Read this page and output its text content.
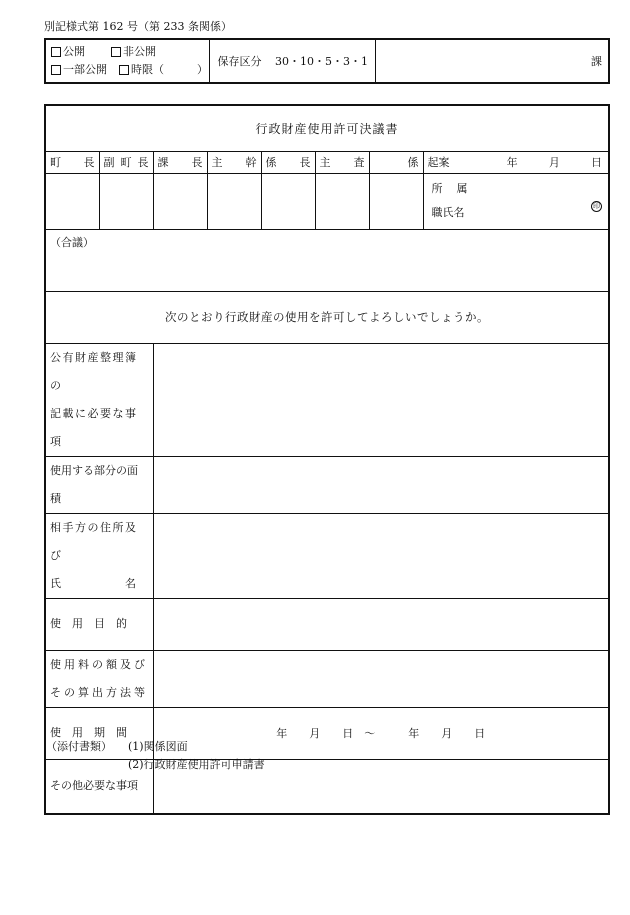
別記様式第 162 号（第 233 条関係）
公開	非公開
一部公開 時限（　　　）
	保存区分 30・10・5・3・1	課
行政財産使用許可決議書							

町 長	副 町 長	課 長	主 幹	係 長	主 査	係	起案 年 月 日

							所 属
職氏名 印

（合議）							
次のとおり行政財産の使用を許可してよろしいでしょうか。							

公有財産整理簿の
記載に必要な事項							

使用する部分の面積							

相手方の住所及び
氏　　　　　名							

使　用　目　的							

使用料の額及び
その算出方法等							

使　用　期　間		年　　月　　日　～　　　年　　月　　日					
その他必要な事項							
（添付書類）	(1)関係図面
(2)行政財産使用許可申請書
